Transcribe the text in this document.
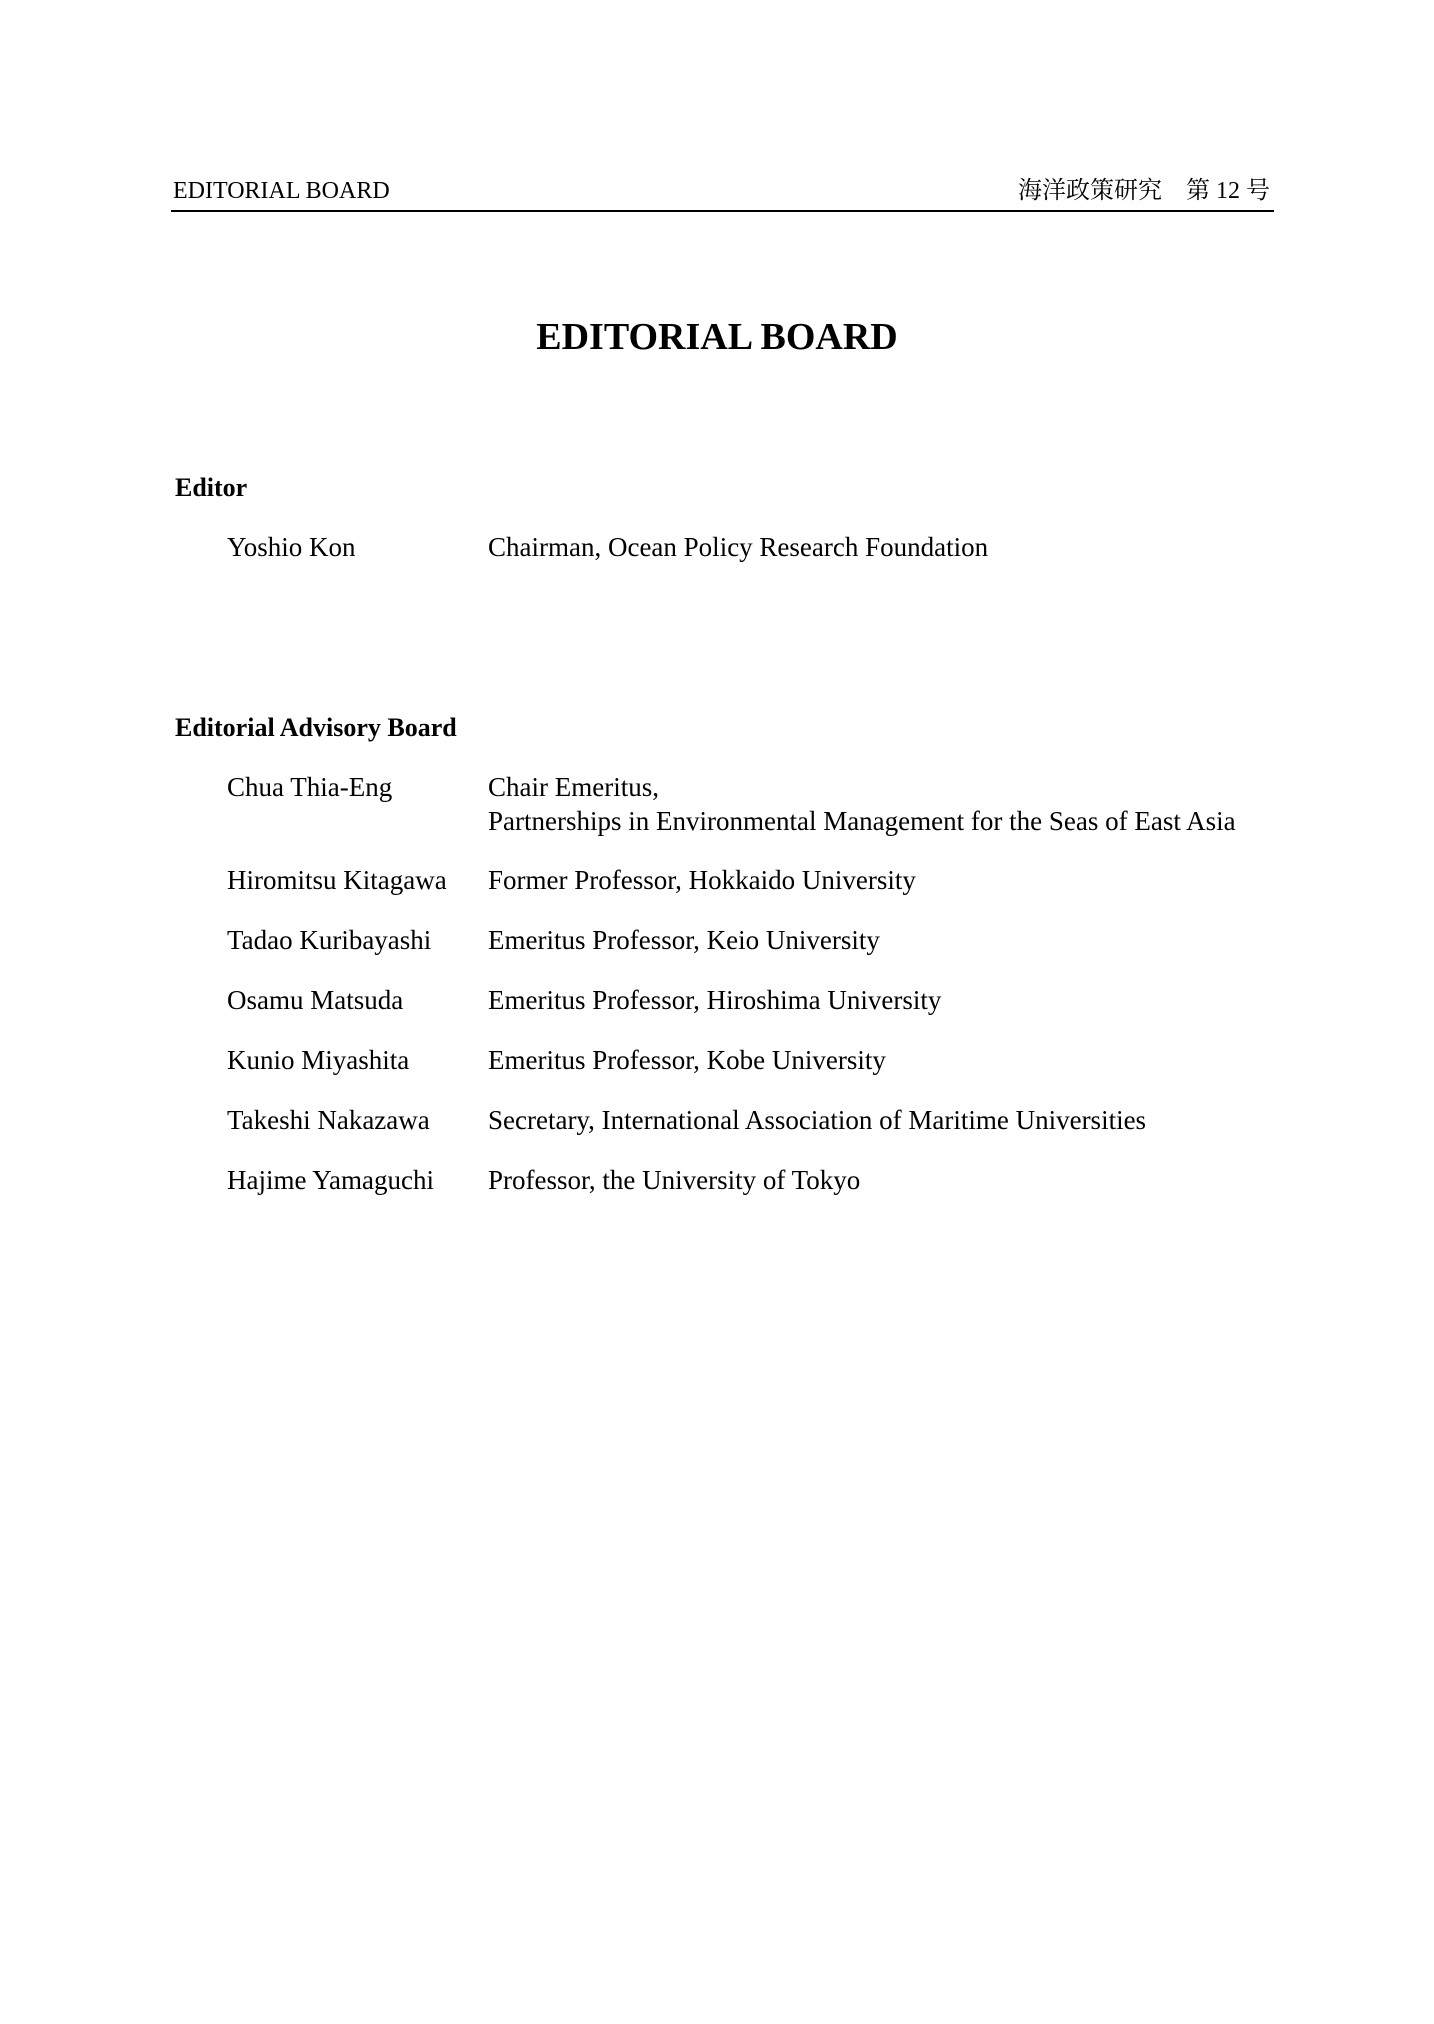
EDITORIAL BOARD	海洋政策研究　第 12 号
EDITORIAL BOARD
Editor
Yoshio Kon	Chairman, Ocean Policy Research Foundation
Editorial Advisory Board
Chua Thia-Eng	Chair Emeritus,
Partnerships in Environmental Management for the Seas of East Asia
Hiromitsu Kitagawa Former Professor, Hokkaido University
Tadao Kuribayashi Emeritus Professor, Keio University
Osamu Matsuda	Emeritus Professor, Hiroshima University
Kunio Miyashita	Emeritus Professor, Kobe University
Takeshi Nakazawa Secretary, International Association of Maritime Universities
Hajime Yamaguchi Professor, the University of Tokyo
